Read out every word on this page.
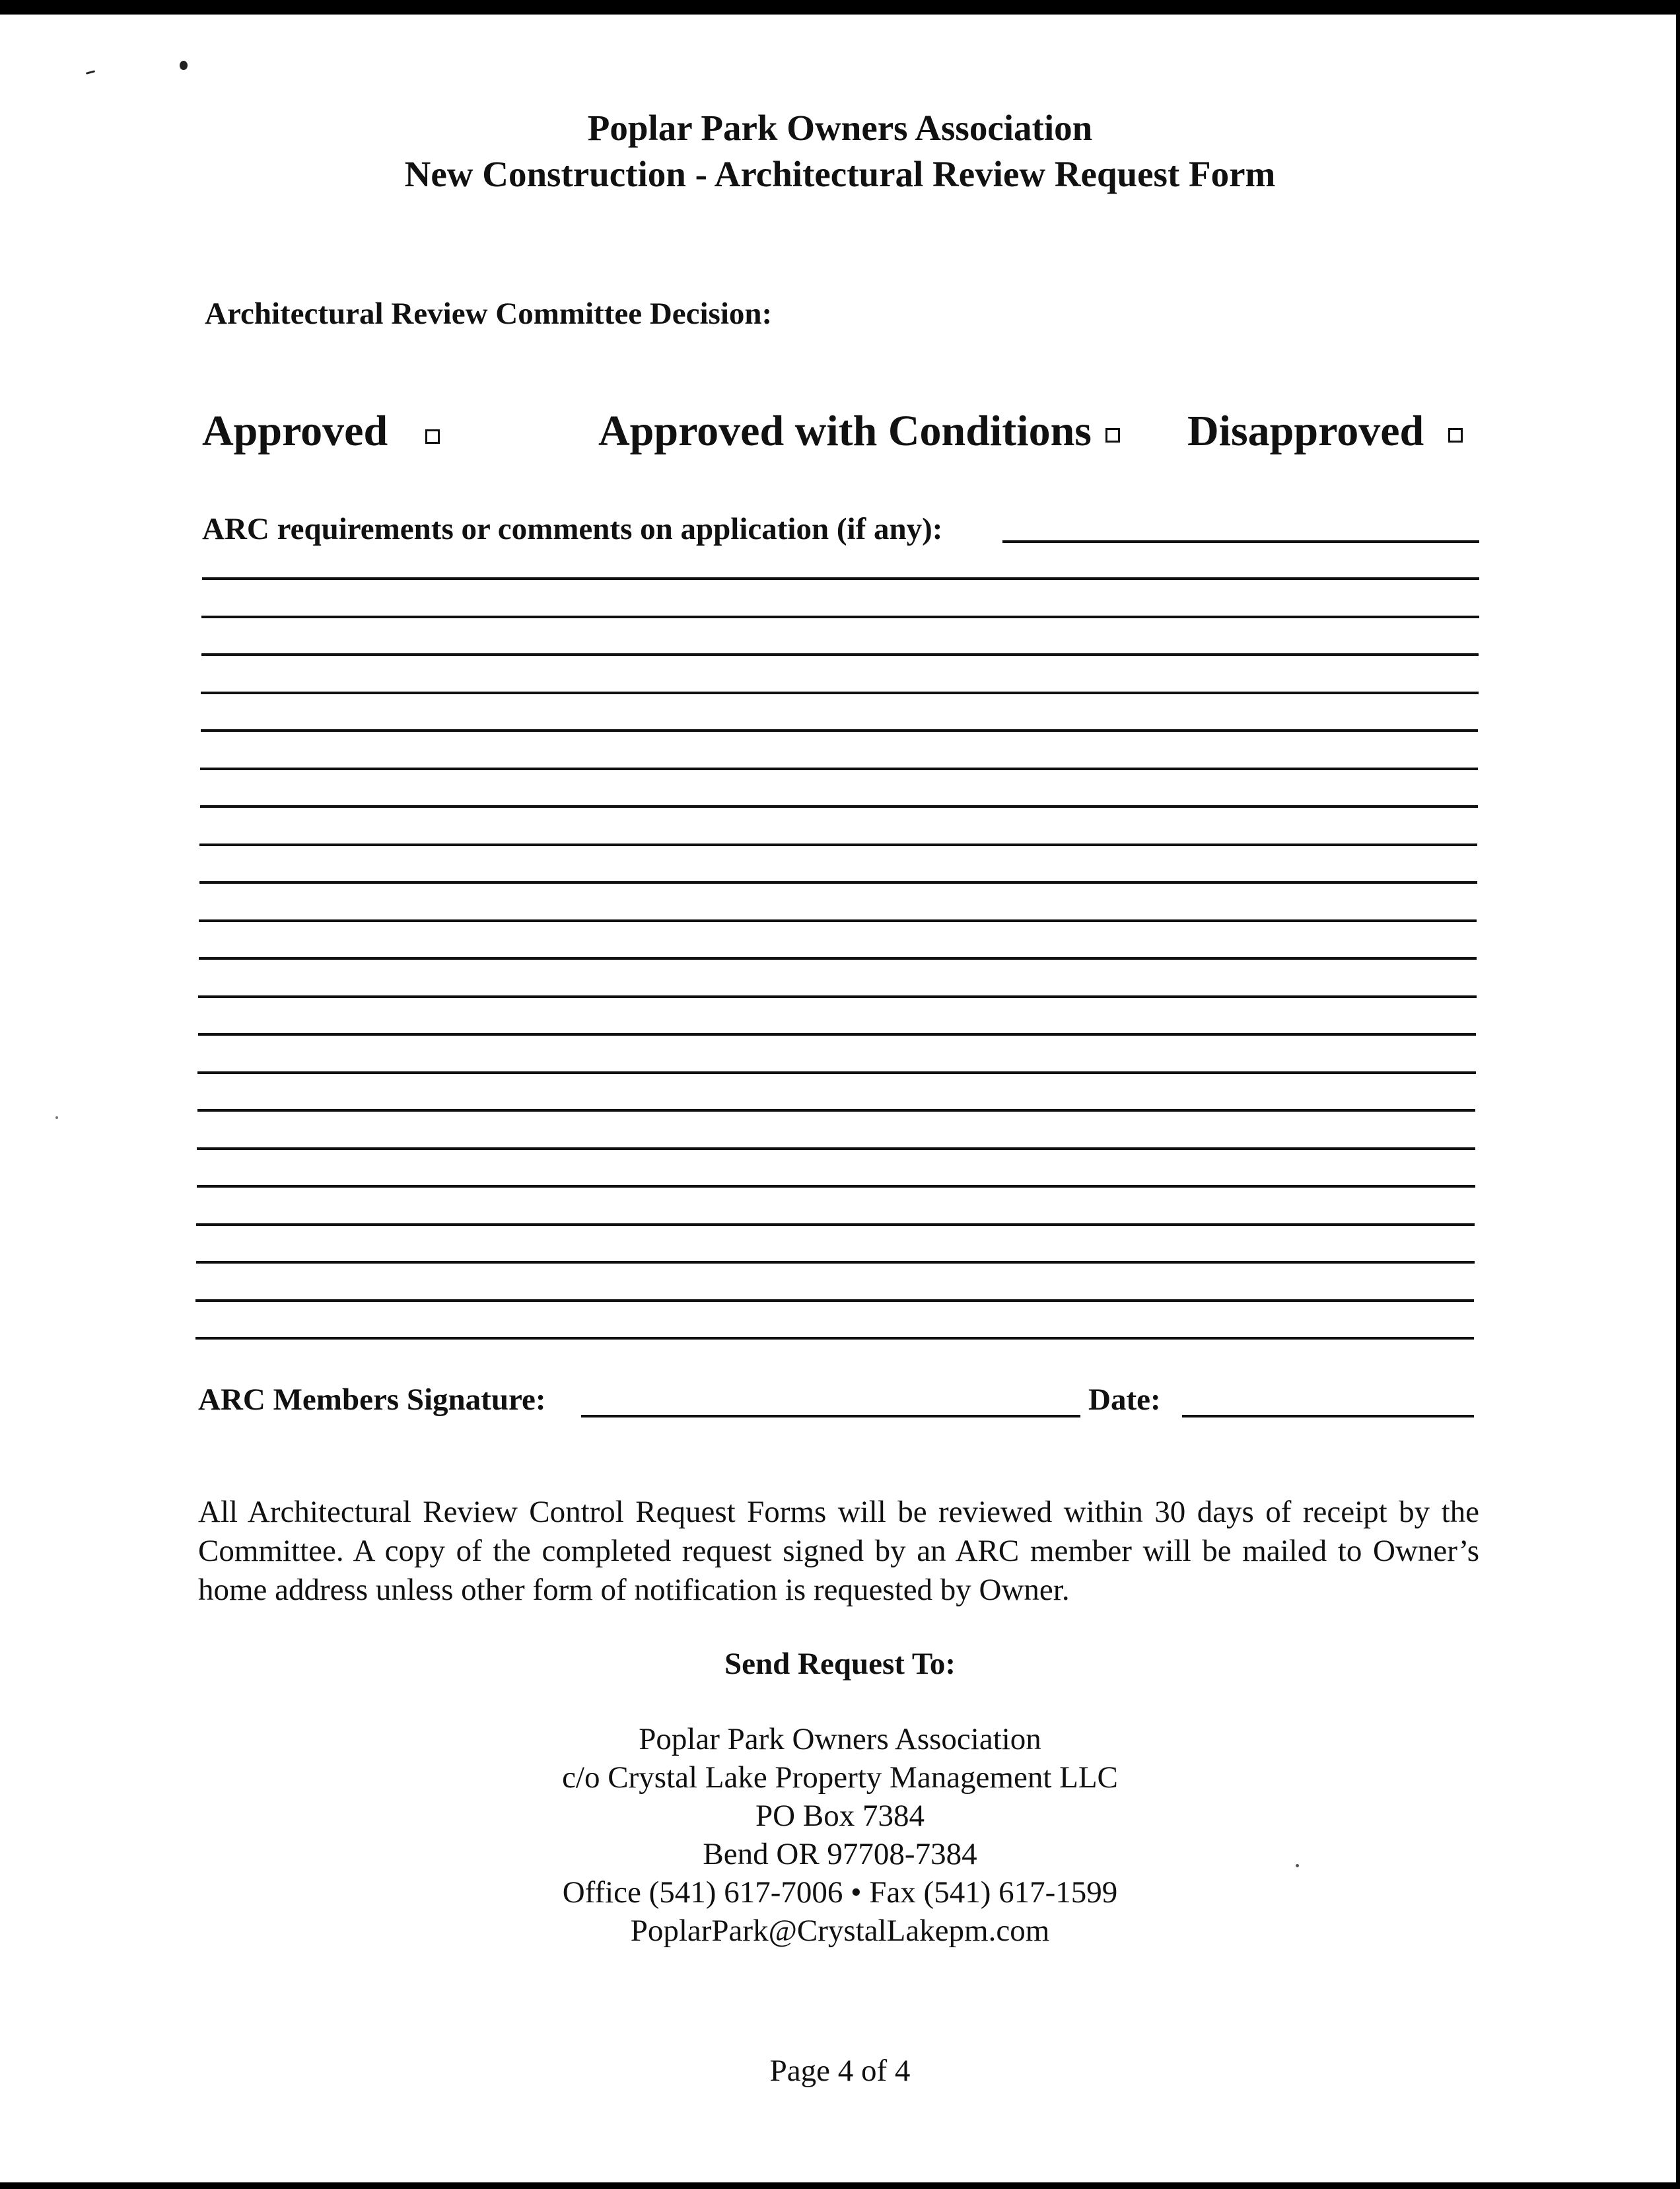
Poplar Park Owners Association
New Construction - Architectural Review Request Form
Architectural Review Committee Decision:
Approved	Approved with Conditions Disapproved
ARC requirements or comments on application (if any):
ARC Members Signature:	Date:
All Architectural Review Control Request Forms will be reviewed within 30 days of receipt by the Committee. A copy of the completed request signed by an ARC member will be mailed to Owner’s home address unless other form of notification is requested by Owner.
Send Request To:
Poplar Park Owners Association
c/o Crystal Lake Property Management LLC
PO Box 7384
Bend OR 97708-7384
Office (541) 617-7006 • Fax (541) 617-1599
PoplarPark@CrystalLakepm.com
Page 4 of 4
